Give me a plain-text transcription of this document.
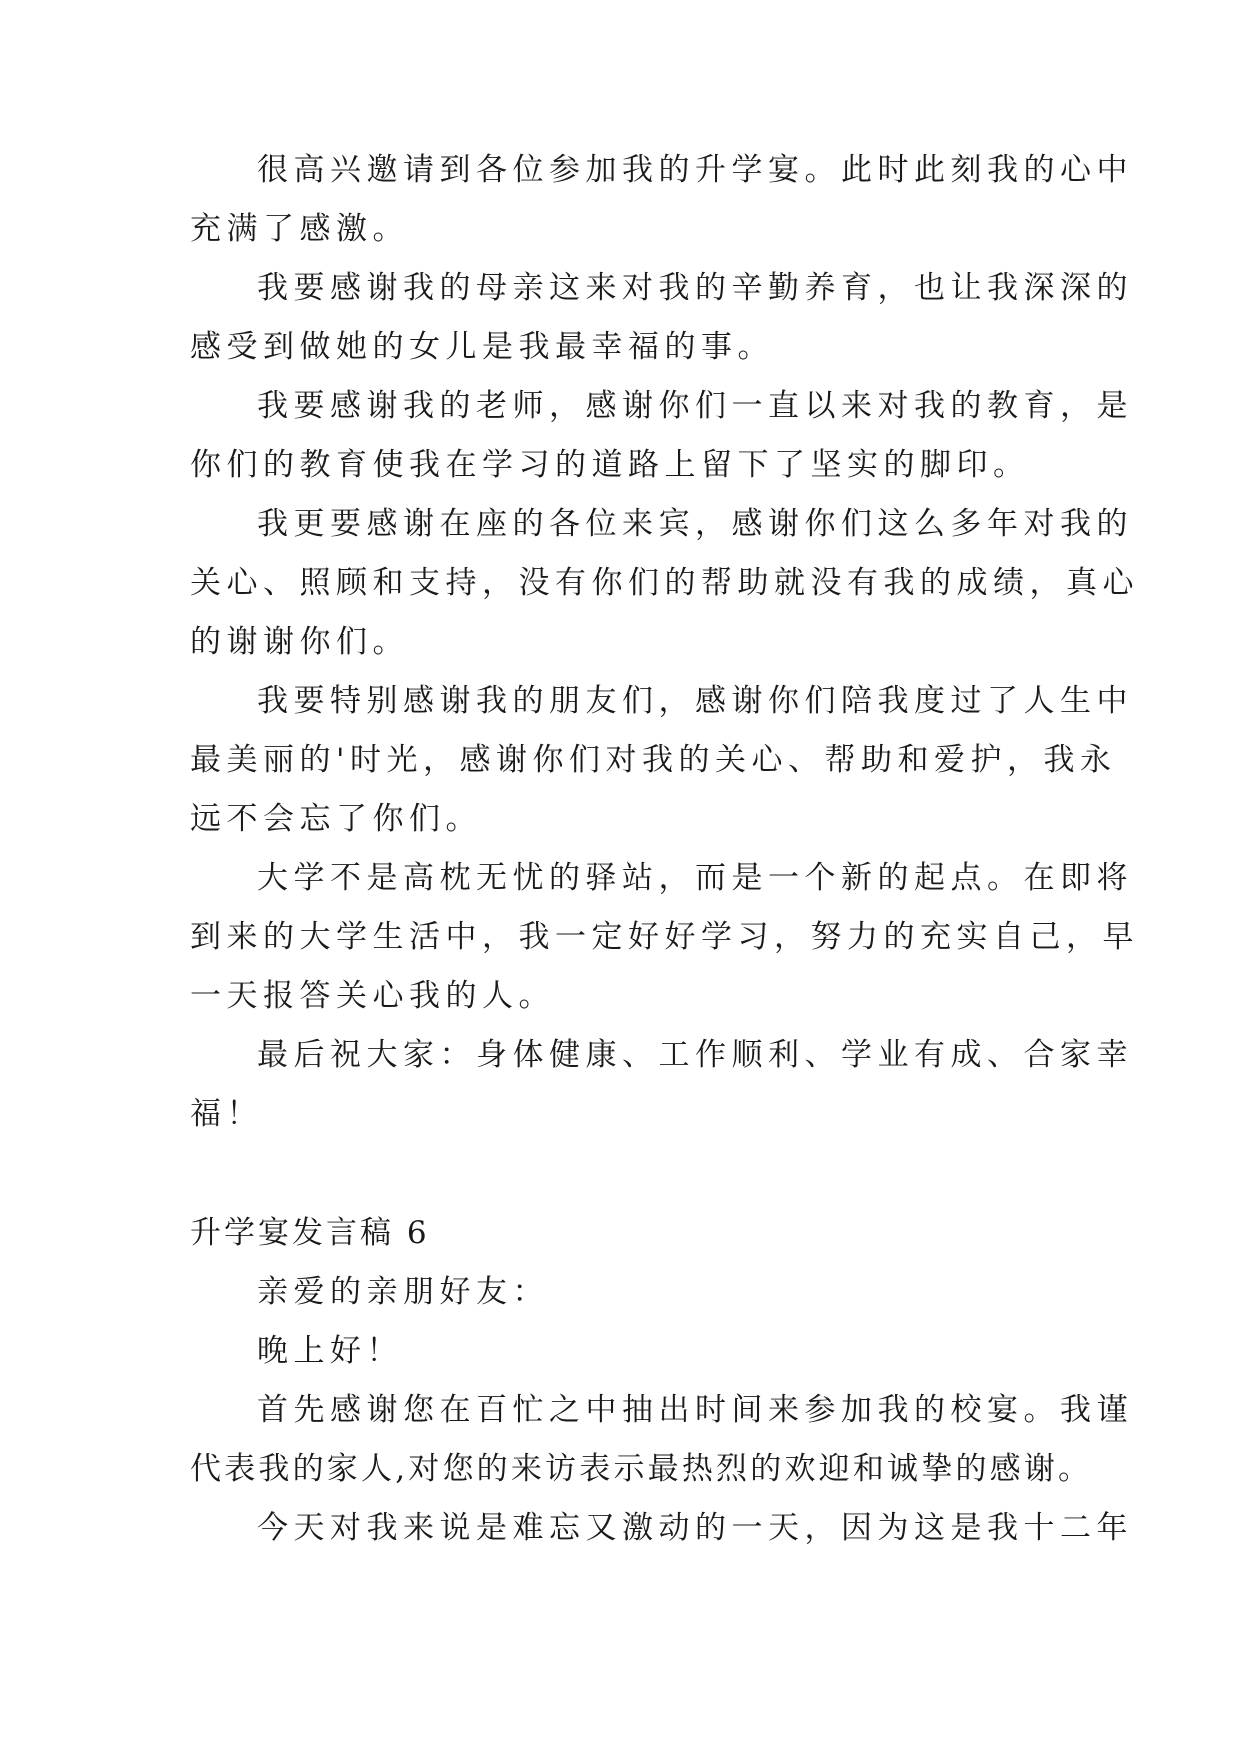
很高兴邀请到各位参加我的升学宴。此时此刻我的心中
充满了感激。
我要感谢我的母亲这来对我的辛勤养育，也让我深深的
感受到做她的女儿是我最幸福的事。
我要感谢我的老师，感谢你们一直以来对我的教育，是
你们的教育使我在学习的道路上留下了坚实的脚印。
我更要感谢在座的各位来宾，感谢你们这么多年对我的
关心、照顾和支持，没有你们的帮助就没有我的成绩，真心
的谢谢你们。
我要特别感谢我的朋友们，感谢你们陪我度过了人生中
最美丽的'时光，感谢你们对我的关心、帮助和爱护，我永
远不会忘了你们。
大学不是高枕无忧的驿站，而是一个新的起点。在即将
到来的大学生活中，我一定好好学习，努力的充实自己，早
一天报答关心我的人。
最后祝大家：身体健康、工作顺利、学业有成、合家幸
福！
升学宴发言稿 6
亲爱的亲朋好友：
晚上好！
首先感谢您在百忙之中抽出时间来参加我的校宴。我谨
代表我的家人,对您的来访表示最热烈的欢迎和诚挚的感谢。
今天对我来说是难忘又激动的一天，因为这是我十二年
